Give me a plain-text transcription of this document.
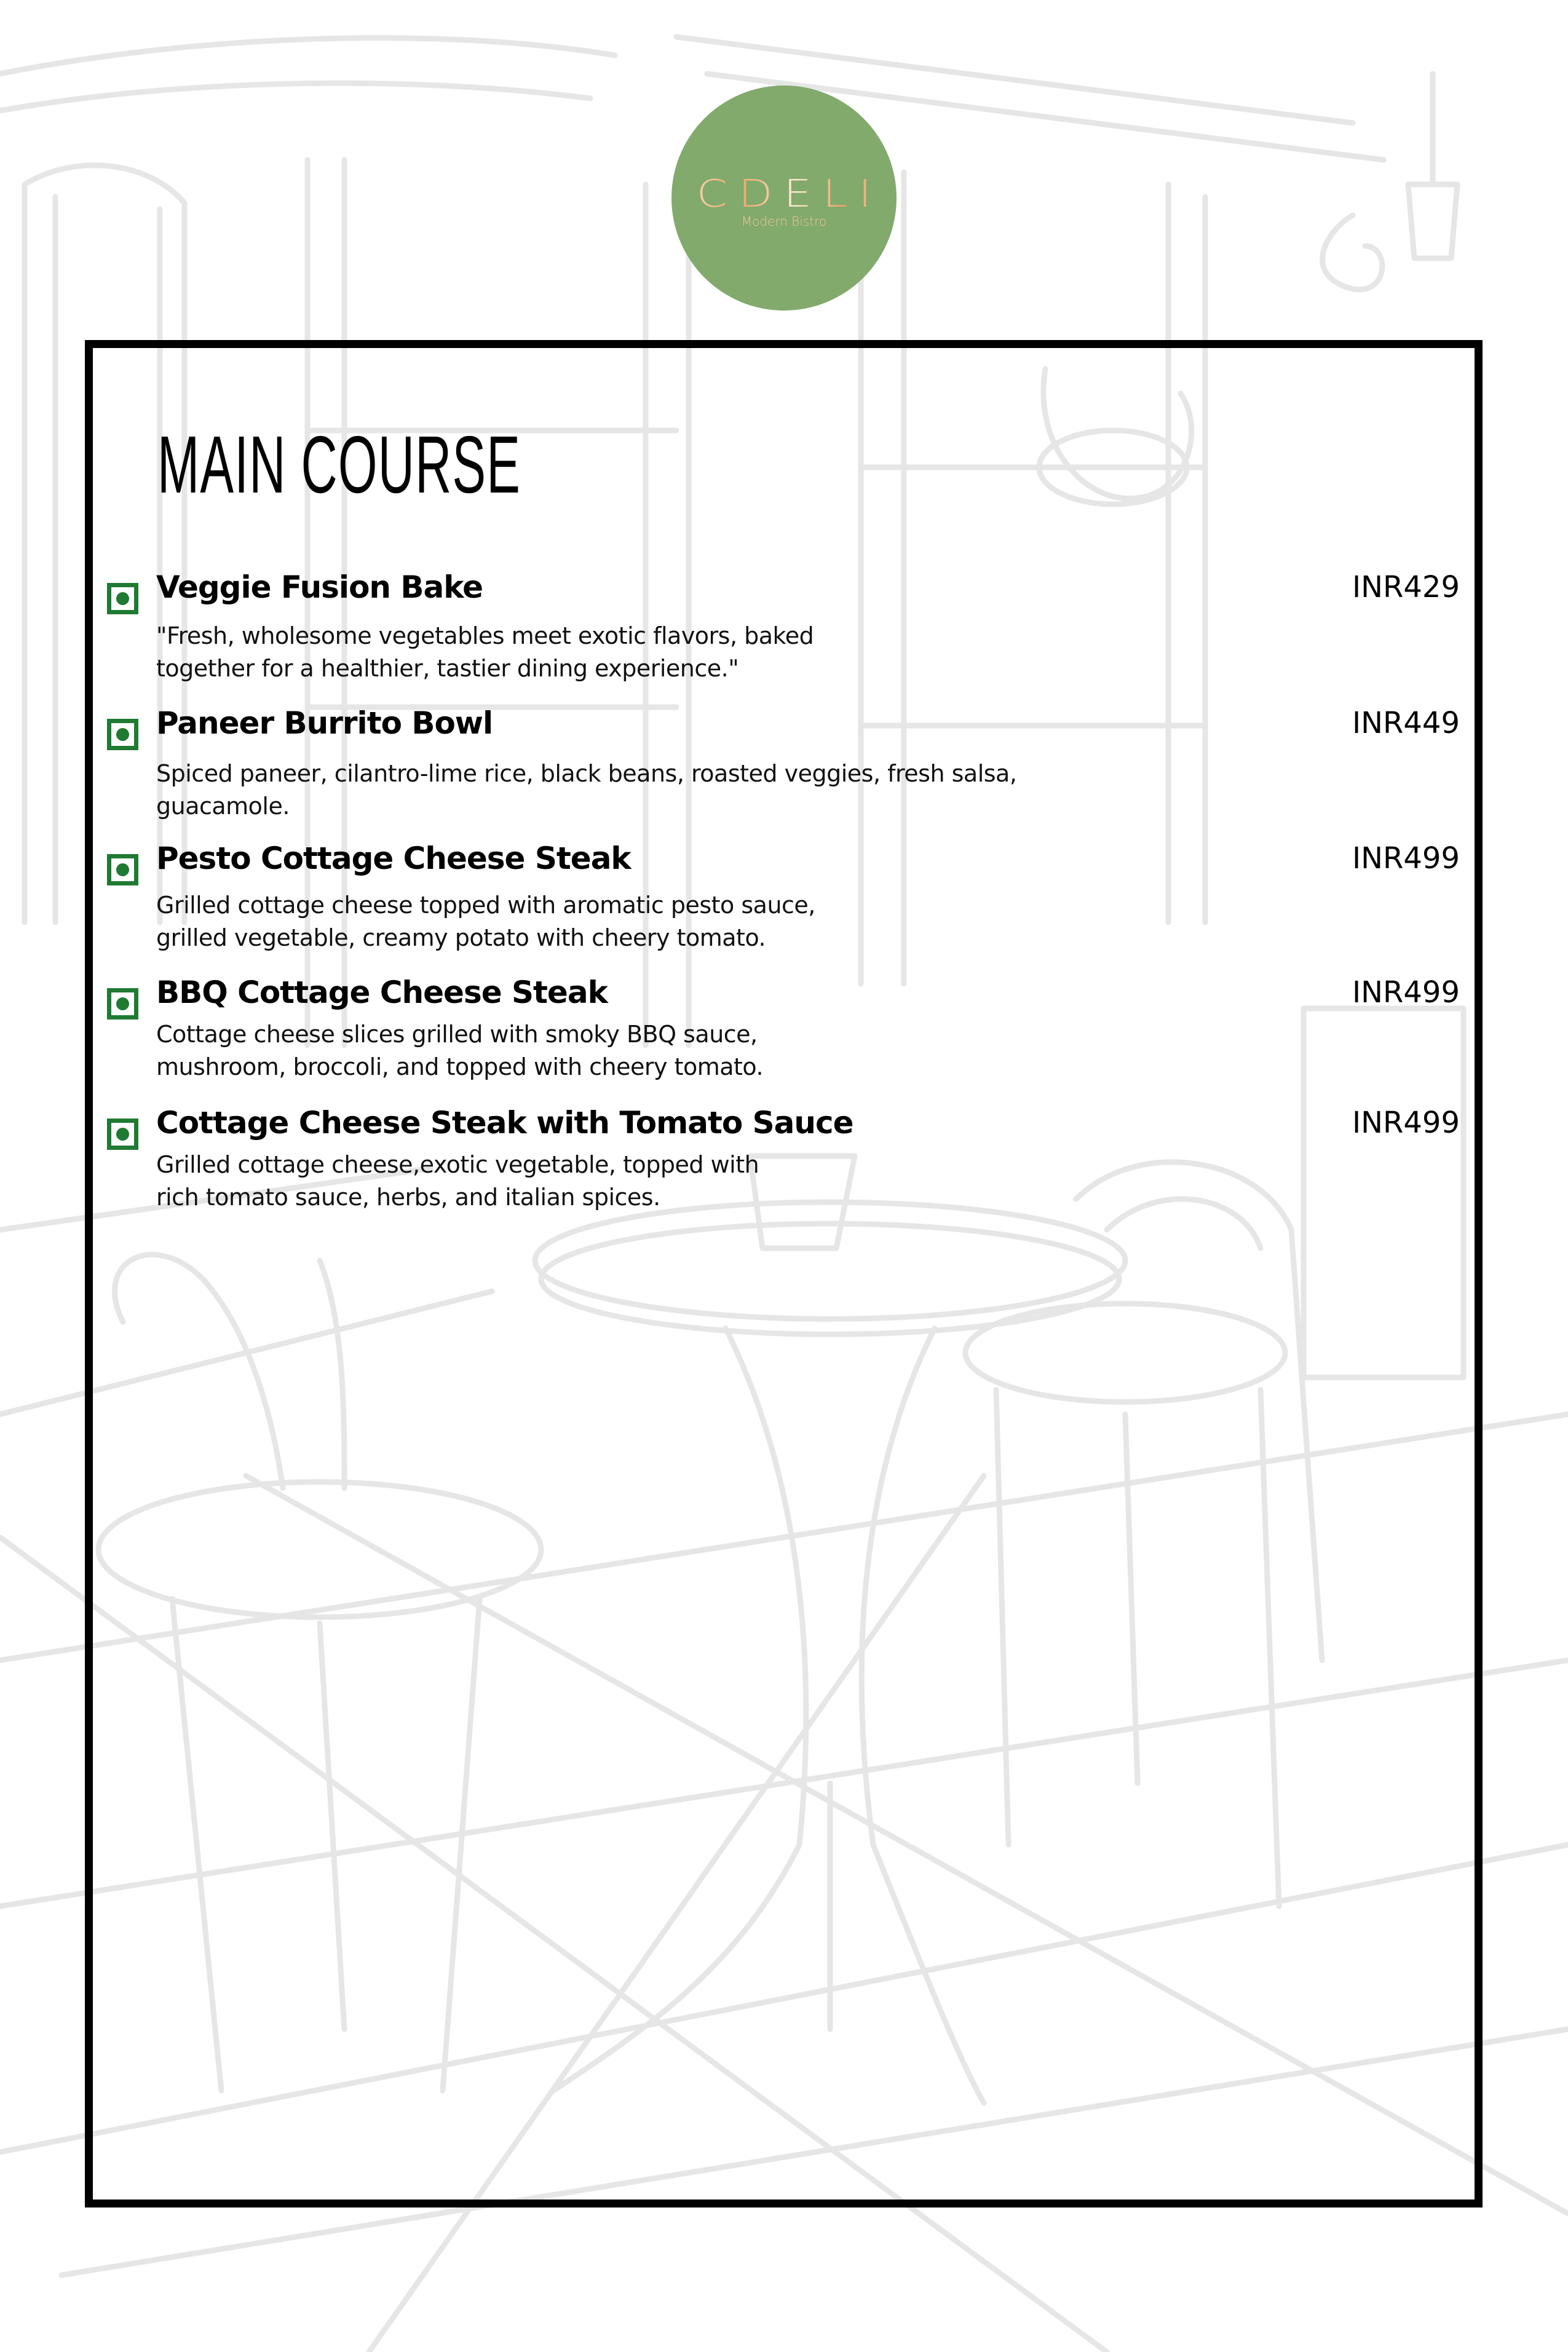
CDELI
Modern Bistro
MAIN COURSE
Veggie Fusion Bake	INR429
"Fresh, wholesome vegetables meet exotic flavors, baked
together for a healthier, tastier dining experience."
Paneer Burrito Bowl	INR449
Spiced paneer, cilantro-lime rice, black beans, roasted veggies, fresh salsa,
guacamole.
Pesto Cottage Cheese Steak	INR499
Grilled cottage cheese topped with aromatic pesto sauce,
grilled vegetable, creamy potato with cheery tomato.
BBQ Cottage Cheese Steak	INR499
Cottage cheese slices grilled with smoky BBQ sauce,
mushroom, broccoli, and topped with cheery tomato.
Cottage Cheese Steak with Tomato Sauce	INR499
Grilled cottage cheese,exotic vegetable, topped with
rich tomato sauce, herbs, and italian spices.
